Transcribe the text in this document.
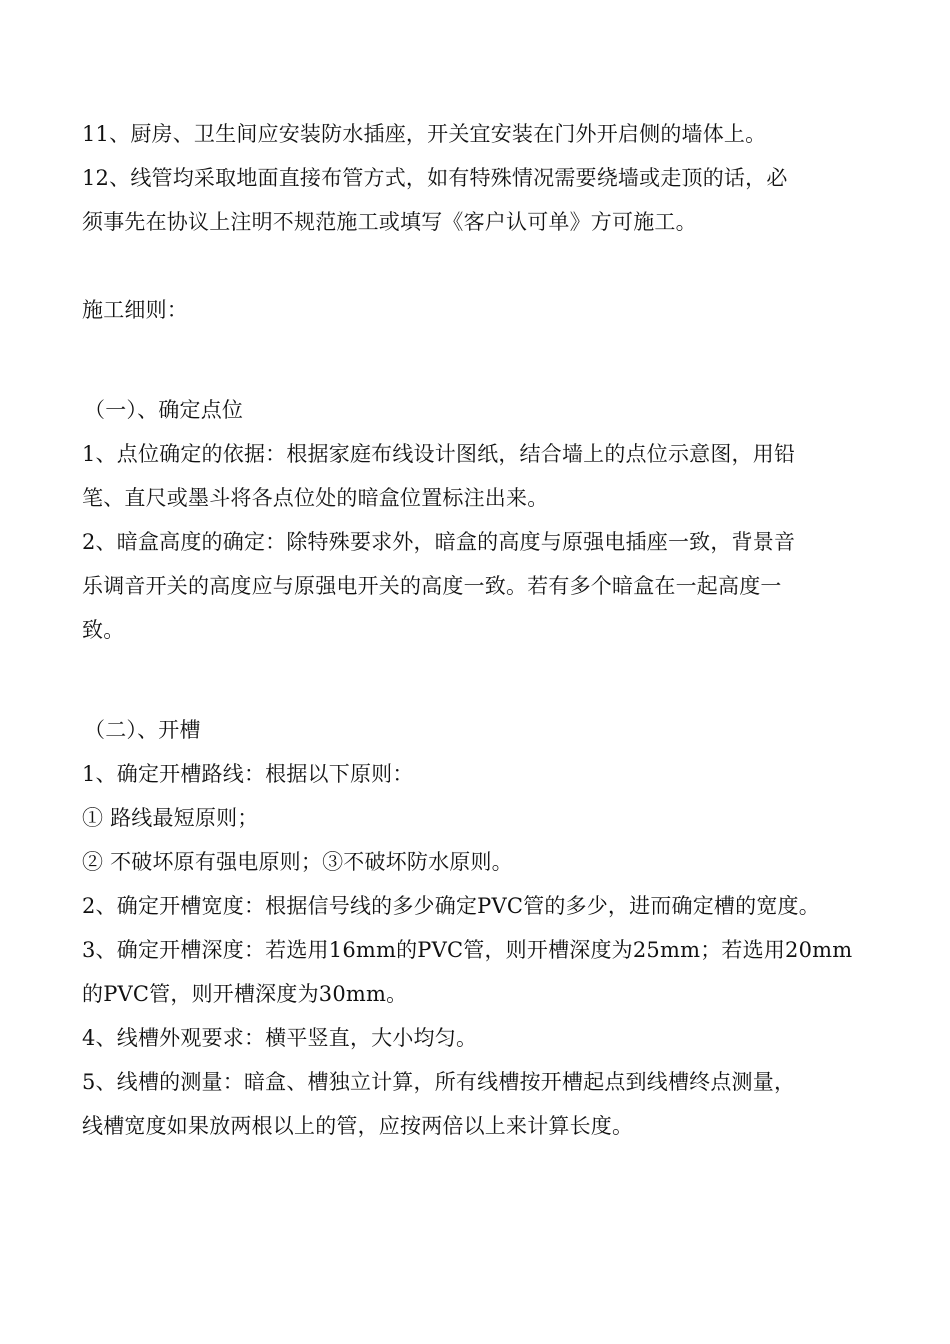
11、厨房、卫生间应安装防水插座，开关宜安装在门外开启侧的墙体上。
12、线管均采取地面直接布管方式，如有特殊情况需要绕墙或走顶的话，必
须事先在协议上注明不规范施工或填写《客户认可单》方可施工。
施工细则：
（一）、确定点位
1、点位确定的依据：根据家庭布线设计图纸，结合墙上的点位示意图，用铅
笔、直尺或墨斗将各点位处的暗盒位置标注出来。
2、暗盒高度的确定：除特殊要求外，暗盒的高度与原强电插座一致，背景音
乐调音开关的高度应与原强电开关的高度一致。若有多个暗盒在一起高度一
致。
（二）、开槽
1、确定开槽路线：根据以下原则：
① 路线最短原则；
② 不破坏原有强电原则；③不破坏防水原则。
2、确定开槽宽度：根据信号线的多少确定PVC管的多少，进而确定槽的宽度。
3、确定开槽深度：若选用16mm的PVC管，则开槽深度为25mm；若选用20mm
的PVC管，则开槽深度为30mm。
4、线槽外观要求：横平竖直，大小均匀。
5、线槽的测量：暗盒、槽独立计算，所有线槽按开槽起点到线槽终点测量，
线槽宽度如果放两根以上的管，应按两倍以上来计算长度。
